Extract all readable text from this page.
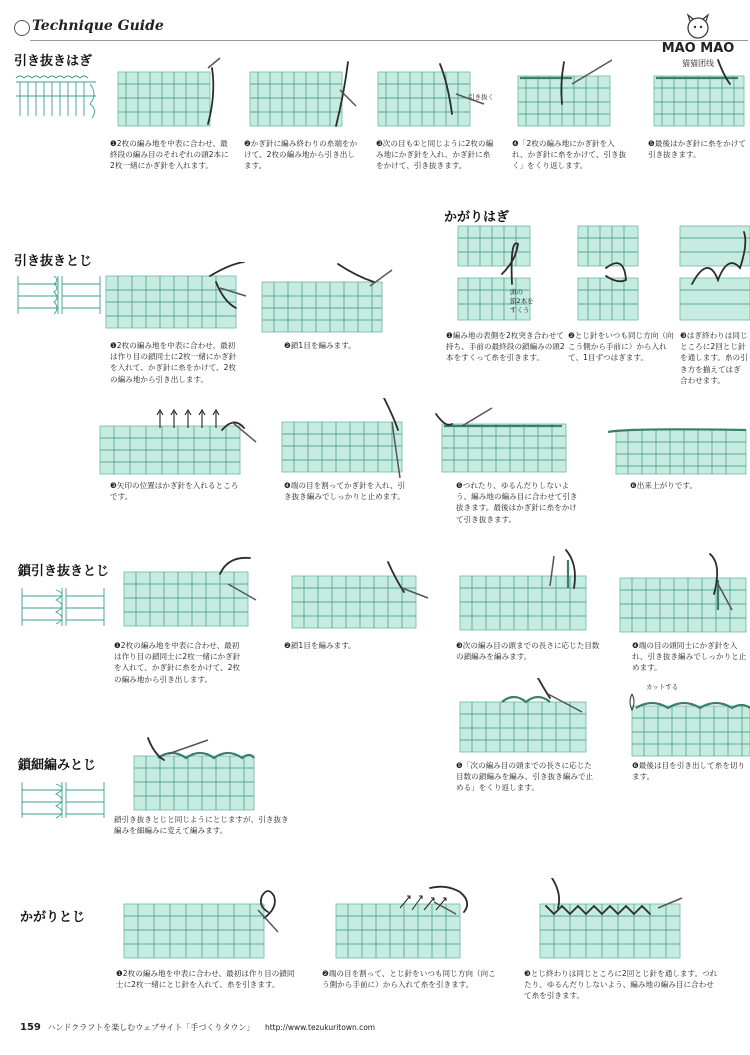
Technique Guide
MAO MAO
猫猫团线
引き抜きはぎ
かがりはぎ
引き抜きとじ
鎖引き抜きとじ
鎖細編みとじ
かがりとじ
引き抜く
❶2枚の編み地を中表に合わせ、最終段の編み目のそれぞれの頭2本に2枚一緒にかぎ針を入れます。
❷かぎ針に編み終わりの糸端をかけて、2枚の編み地から引き出します。
❸次の目も①と同じように2枚の編み地にかぎ針を入れ、かぎ針に糸をかけて、引き抜きます。
❹「2枚の編み地にかぎ針を入れ、かぎ針に糸をかけて、引き抜く」をくり返します。
❺最後はかぎ針に糸をかけて引き抜きます。
頭の
鎖2本を
すくう
❶編み地の表側を2枚突き合わせて持ち、手前の最終段の鎖編みの頭2本をすくって糸を引きます。
❷とじ針をいつも同じ方向（向こう側から手前に）から入れて、1目ずつはぎます。
❸はぎ終わりは同じところに2回とじ針を通します。糸の引き方を揃えてはぎ合わせます。
❶2枚の編み地を中表に合わせ、最初は作り目の鎖同士に2枚一緒にかぎ針を入れて、かぎ針に糸をかけて、2枚の編み地から引き出します。
❷鎖1目を編みます。
❸矢印の位置はかぎ針を入れるところです。
❹端の目を割ってかぎ針を入れ、引き抜き編みでしっかりと止めます。
❺つれたり、ゆるんだりしないよう、編み地の編み目に合わせて引き抜きます。最後はかぎ針に糸をかけて引き抜きます。
❻出来上がりです。
❶2枚の編み地を中表に合わせ、最初は作り目の鎖同士に2枚一緒にかぎ針を入れて、かぎ針に糸をかけて、2枚の編み地から引き出します。
❷鎖1目を編みます。	❸次の編み目の頭までの長さに応じた目数の鎖編みを編みます。
❹端の目の頭同士にかぎ針を入れ、引き抜き編みでしっかりと止めます。
カットする
❺「次の編み目の頭までの長さに応じた目数の鎖編みを編み、引き抜き編みで止める」をくり返します。
❻最後は目を引き出して糸を切ります。
鎖引き抜きとじと同じようにとじますが、引き抜き編みを細編みに変えて編みます。
❶2枚の編み地を中表に合わせ、最初は作り目の鎖同士に2枚一緒にとじ針を入れて、糸を引きます。
❷端の目を割って、とじ針をいつも同じ方向（向こう側から手前に）から入れて糸を引きます。
❸とじ終わりは同じところに2回とじ針を通します。つれたり、ゆるんだりしないよう、編み地の編み目に合わせて糸を引きます。
159 ハンドクラフトを楽しむウェブサイト「手づくりタウン」 http://www.tezukuritown.com
